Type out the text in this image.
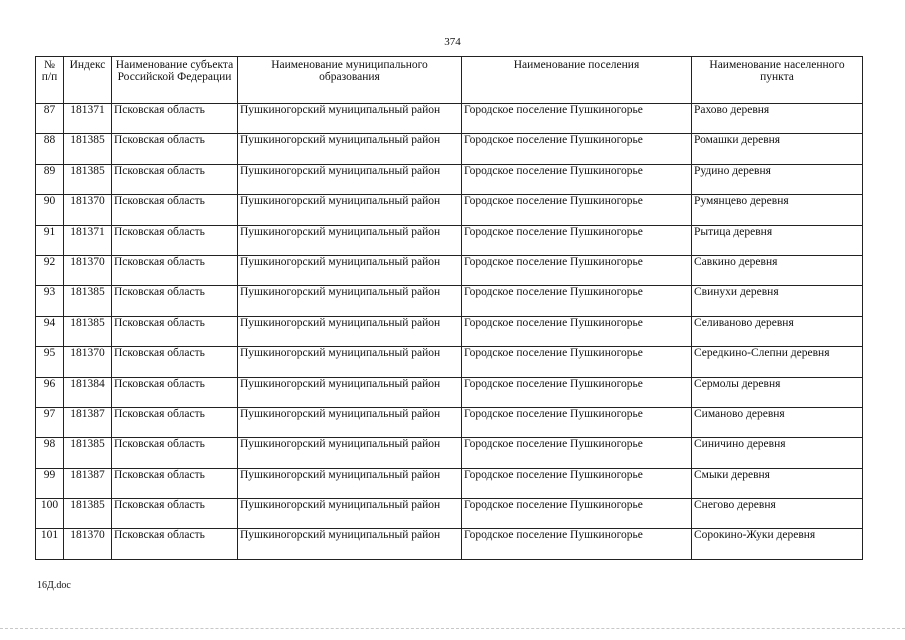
374
№ п/п	Индекс	Наименование субъекта Российской Федерации	Наименование муниципального образования	Наименование поселения	Наименование населенного пункта
87	181371	Псковская область	Пушкиногорский муниципальный район	Городское поселение Пушкиногорье	Рахово деревня
88	181385	Псковская область	Пушкиногорский муниципальный район	Городское поселение Пушкиногорье	Ромашки деревня
89	181385	Псковская область	Пушкиногорский муниципальный район	Городское поселение Пушкиногорье	Рудино деревня
90	181370	Псковская область	Пушкиногорский муниципальный район	Городское поселение Пушкиногорье	Румянцево деревня
91	181371	Псковская область	Пушкиногорский муниципальный район	Городское поселение Пушкиногорье	Рытица деревня
92	181370	Псковская область	Пушкиногорский муниципальный район	Городское поселение Пушкиногорье	Савкино деревня
93	181385	Псковская область	Пушкиногорский муниципальный район	Городское поселение Пушкиногорье	Свинухи деревня
94	181385	Псковская область	Пушкиногорский муниципальный район	Городское поселение Пушкиногорье	Селиваново деревня
95	181370	Псковская область	Пушкиногорский муниципальный район	Городское поселение Пушкиногорье	Середкино-Слепни деревня
96	181384	Псковская область	Пушкиногорский муниципальный район	Городское поселение Пушкиногорье	Сермолы деревня
97	181387	Псковская область	Пушкиногорский муниципальный район	Городское поселение Пушкиногорье	Симаново деревня
98	181385	Псковская область	Пушкиногорский муниципальный район	Городское поселение Пушкиногорье	Синичино деревня
99	181387	Псковская область	Пушкиногорский муниципальный район	Городское поселение Пушкиногорье	Смыки деревня
100	181385	Псковская область	Пушкиногорский муниципальный район	Городское поселение Пушкиногорье	Снегово деревня
101	181370	Псковская область	Пушкиногорский муниципальный район	Городское поселение Пушкиногорье	Сорокино-Жуки деревня
16Д.doc
